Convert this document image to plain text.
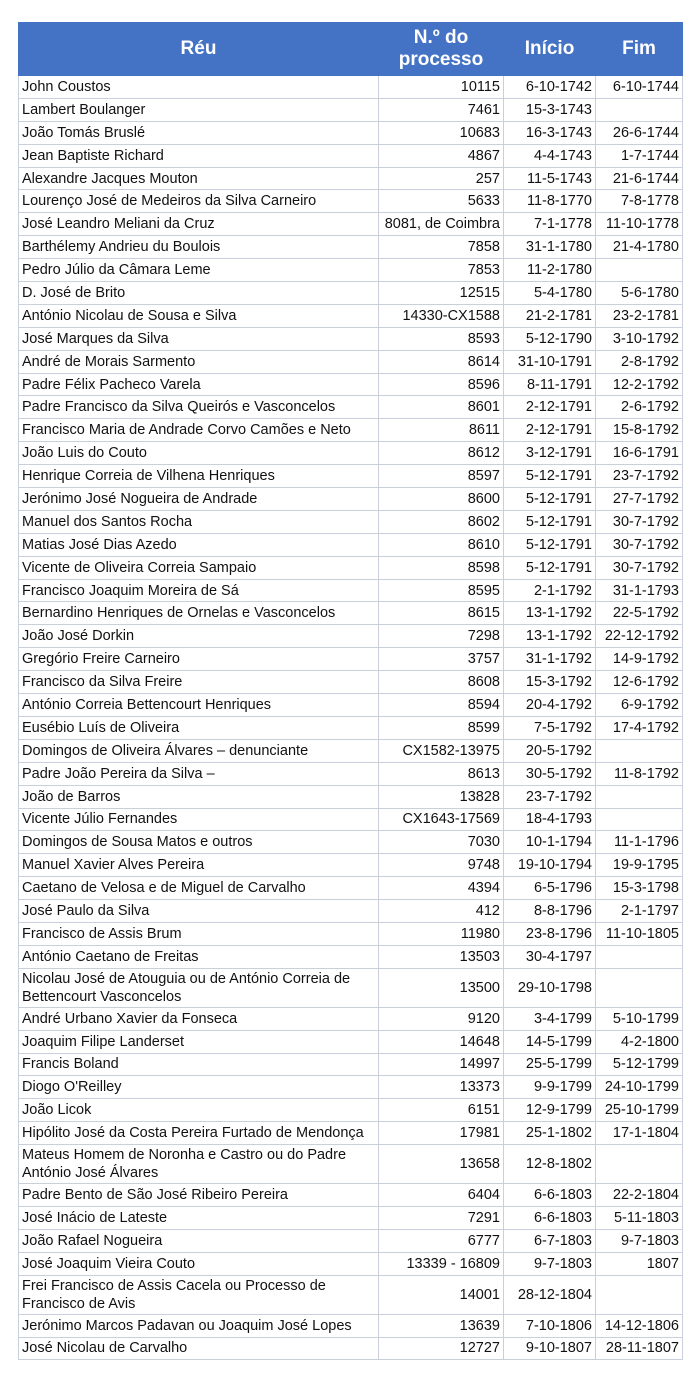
Réu	N.º do processo	Início	Fim
John Coustos	10115	6-10-1742	6-10-1744
Lambert Boulanger	7461	15-3-1743	
João Tomás Bruslé	10683	16-3-1743	26-6-1744
Jean Baptiste Richard	4867	4-4-1743	1-7-1744
Alexandre Jacques Mouton	257	11-5-1743	21-6-1744
Lourenço José de Medeiros da Silva Carneiro	5633	11-8-1770	7-8-1778
José Leandro Meliani da Cruz	8081, de Coimbra	7-1-1778	11-10-1778
Barthélemy Andrieu du Boulois	7858	31-1-1780	21-4-1780
Pedro Júlio da Câmara Leme	7853	11-2-1780	
D. José de Brito	12515	5-4-1780	5-6-1780
António Nicolau de Sousa e Silva	14330-CX1588	21-2-1781	23-2-1781
José Marques da Silva	8593	5-12-1790	3-10-1792
André de Morais Sarmento	8614	31-10-1791	2-8-1792
Padre Félix Pacheco Varela	8596	8-11-1791	12-2-1792
Padre Francisco da Silva Queirós e Vasconcelos	8601	2-12-1791	2-6-1792
Francisco Maria de Andrade Corvo Camões e Neto	8611	2-12-1791	15-8-1792
João Luis do Couto	8612	3-12-1791	16-6-1791
Henrique Correia de Vilhena Henriques	8597	5-12-1791	23-7-1792
Jerónimo José Nogueira de Andrade	8600	5-12-1791	27-7-1792
Manuel dos Santos Rocha	8602	5-12-1791	30-7-1792
Matias José Dias Azedo	8610	5-12-1791	30-7-1792
Vicente de Oliveira Correia Sampaio	8598	5-12-1791	30-7-1792
Francisco Joaquim Moreira de Sá	8595	2-1-1792	31-1-1793
Bernardino Henriques de Ornelas e Vasconcelos	8615	13-1-1792	22-5-1792
João José Dorkin	7298	13-1-1792	22-12-1792
Gregório Freire Carneiro	3757	31-1-1792	14-9-1792
Francisco da Silva Freire	8608	15-3-1792	12-6-1792
António Correia Bettencourt Henriques	8594	20-4-1792	6-9-1792
Eusébio Luís de Oliveira	8599	7-5-1792	17-4-1792
Domingos de Oliveira Álvares – denunciante	CX1582-13975	20-5-1792	
Padre João Pereira da Silva –	8613	30-5-1792	11-8-1792
João de Barros	13828	23-7-1792	
Vicente Júlio Fernandes	CX1643-17569	18-4-1793	
Domingos de Sousa Matos e outros	7030	10-1-1794	11-1-1796
Manuel Xavier Alves Pereira	9748	19-10-1794	19-9-1795
Caetano de Velosa e de Miguel de Carvalho	4394	6-5-1796	15-3-1798
José Paulo da Silva	412	8-8-1796	2-1-1797
Francisco de Assis Brum	11980	23-8-1796	11-10-1805
António Caetano de Freitas	13503	30-4-1797	
Nicolau José de Atouguia ou de António Correia de Bettencourt Vasconcelos	13500	29-10-1798	
André Urbano Xavier da Fonseca	9120	3-4-1799	5-10-1799
Joaquim Filipe Landerset	14648	14-5-1799	4-2-1800
Francis Boland	14997	25-5-1799	5-12-1799
Diogo O'Reilley	13373	9-9-1799	24-10-1799
João Licok	6151	12-9-1799	25-10-1799
Hipólito José da Costa Pereira Furtado de Mendonça	17981	25-1-1802	17-1-1804
Mateus Homem de Noronha e Castro ou do Padre António José Álvares	13658	12-8-1802	
Padre Bento de São José Ribeiro Pereira	6404	6-6-1803	22-2-1804
José Inácio de Lateste	7291	6-6-1803	5-11-1803
João Rafael Nogueira	6777	6-7-1803	9-7-1803
José Joaquim Vieira Couto	13339 - 16809	9-7-1803	1807
Frei Francisco de Assis Cacela ou Processo de Francisco de Avis	14001	28-12-1804	
Jerónimo Marcos Padavan ou Joaquim José Lopes	13639	7-10-1806	14-12-1806
José Nicolau de Carvalho	12727	9-10-1807	28-11-1807
